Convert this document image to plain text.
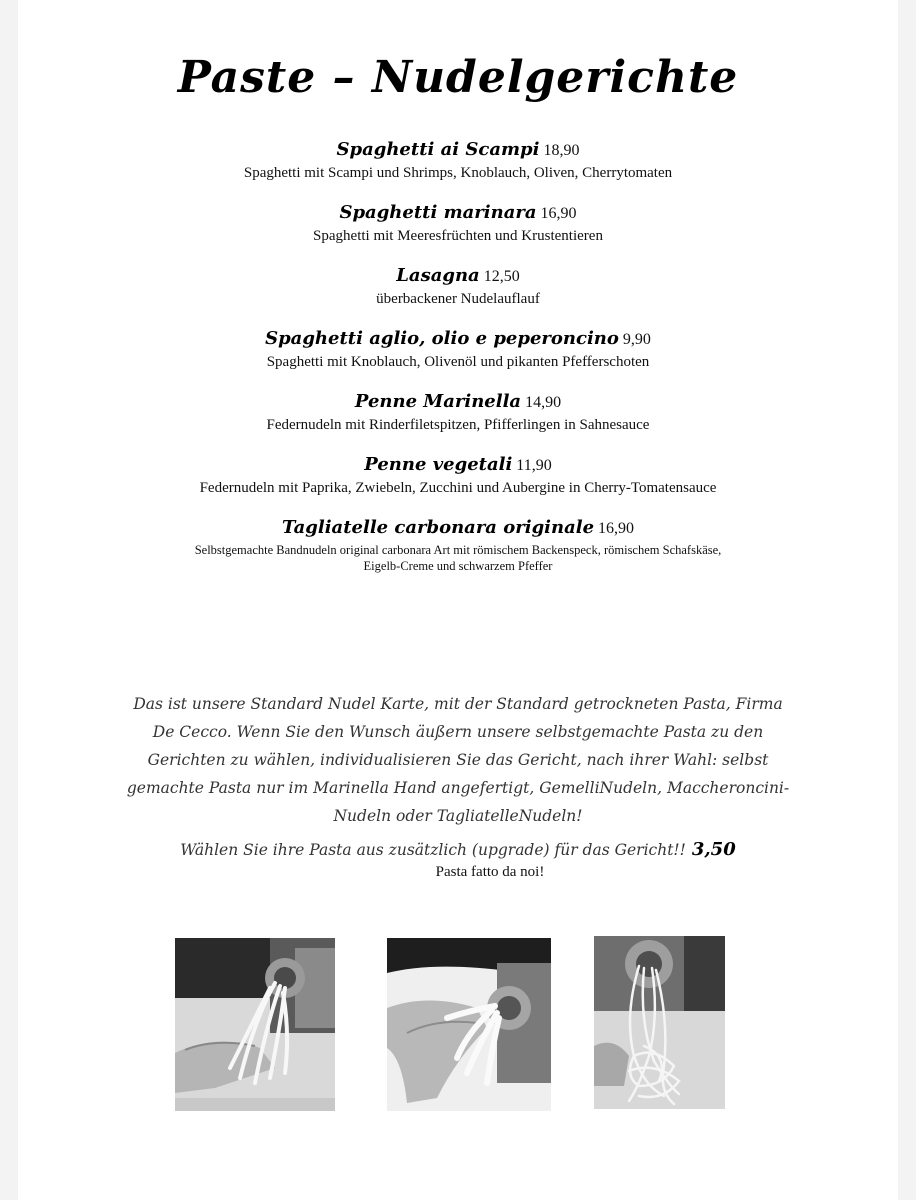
Paste – Nudelgerichte
Spaghetti ai Scampi 18,90
Spaghetti mit Scampi und Shrimps, Knoblauch, Oliven, Cherrytomaten
Spaghetti marinara 16,90
Spaghetti mit Meeresfrüchten und Krustentieren
Lasagna 12,50
überbackener Nudelauflauf
Spaghetti aglio, olio e peperoncino 9,90
Spaghetti mit Knoblauch, Olivenöl und pikanten Pfefferschoten
Penne Marinella 14,90
Federnudeln mit Rinderfiletspitzen, Pfifferlingen in Sahnesauce
Penne vegetali 11,90
Federnudeln mit Paprika, Zwiebeln, Zucchini und Aubergine in Cherry-Tomatensauce
Tagliatelle carbonara originale 16,90
Selbstgemachte Bandnudeln original carbonara Art mit römischem Backenspeck, römischem Schafskäse,
Eigelb-Creme und schwarzem Pfeffer
Das ist unsere Standard Nudel Karte, mit der Standard getrockneten Pasta, Firma
De Cecco. Wenn Sie den Wunsch äußern unsere selbstgemachte Pasta zu den
Gerichten zu wählen, individualisieren Sie das Gericht, nach ihrer Wahl: selbst
gemachte Pasta nur im Marinella Hand angefertigt, GemelliNudeln, Maccheroncini-
Nudeln oder TagliatelleNudeln!
Wählen Sie ihre Pasta aus zusätzlich (upgrade) für das Gericht!! 3,50
Pasta fatto da noi!
